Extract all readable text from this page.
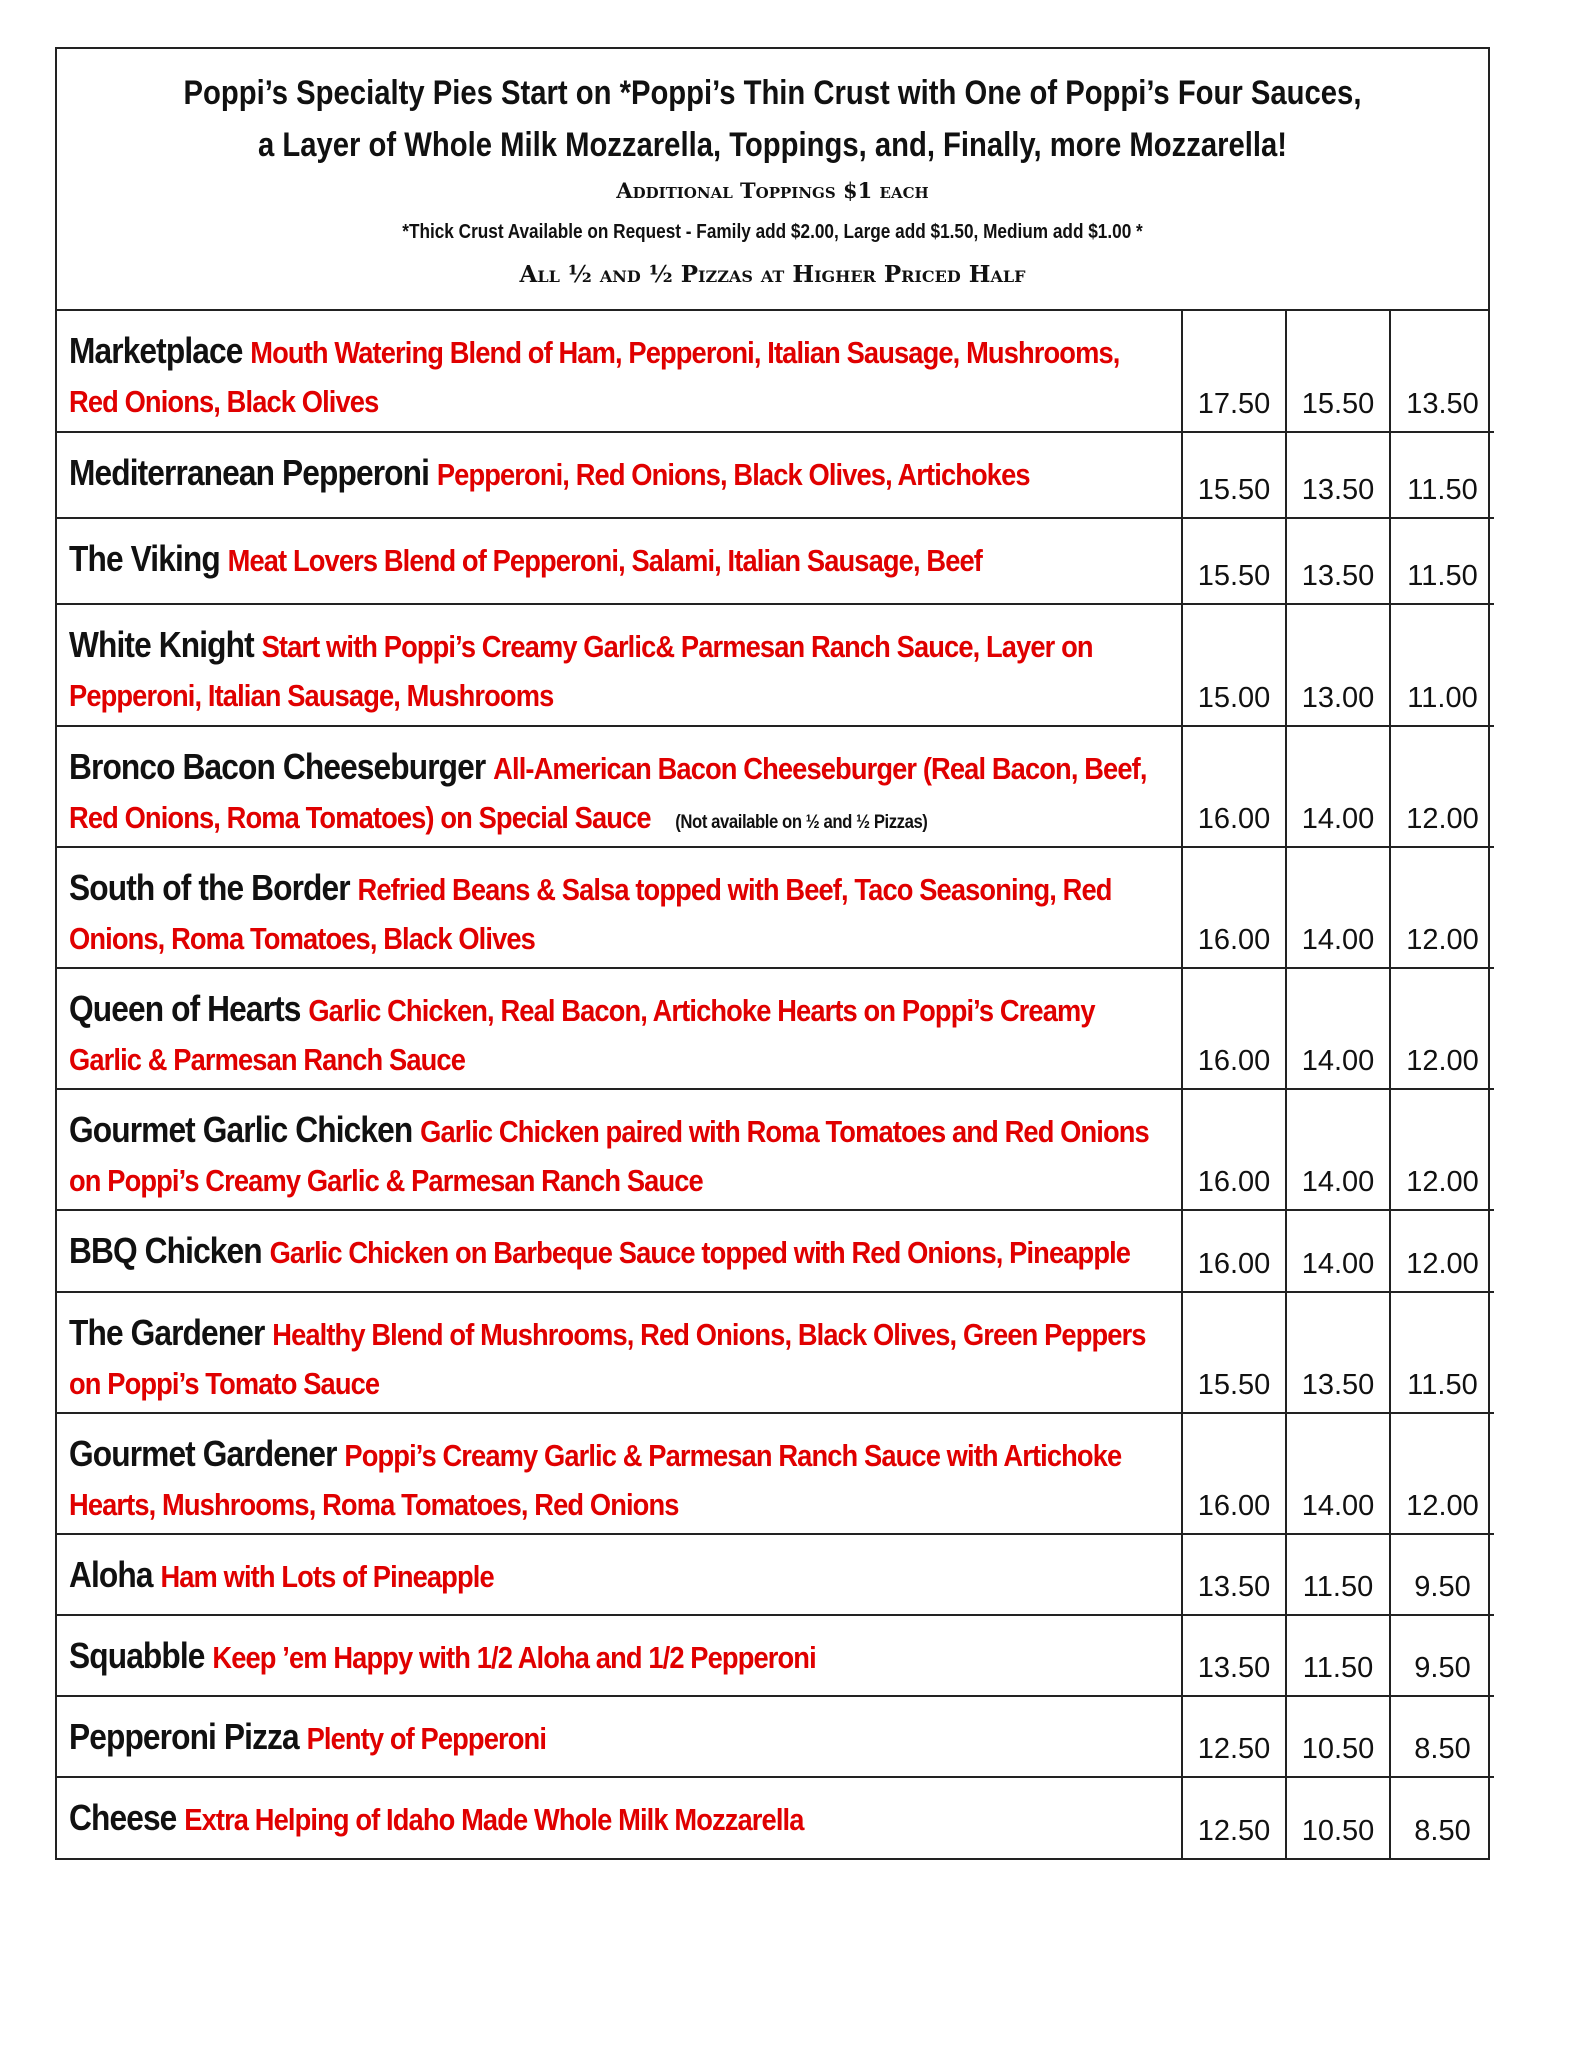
Poppi’s Specialty Pies Start on *Poppi’s Thin Crust with One of Poppi’s Four Sauces,
a Layer of Whole Milk Mozzarella, Toppings, and, Finally, more Mozzarella!
Additional Toppings $1 each
*Thick Crust Available on Request - Family add $2.00, Large add $1.50, Medium add $1.00 *
All ½ and ½ Pizzas at Higher Priced Half
Marketplace Mouth Watering Blend of Ham, Pepperoni, Italian Sausage, Mushrooms, Red Onions, Black Olives	17.50	15.50	13.50

Mediterranean Pepperoni Pepperoni, Red Onions, Black Olives, Artichokes	15.50	13.50	11.50

The Viking Meat Lovers Blend of Pepperoni, Salami, Italian Sausage, Beef	15.50	13.50	11.50

White Knight Start with Poppi’s Creamy Garlic& Parmesan Ranch Sauce, Layer on Pepperoni, Italian Sausage, Mushrooms	15.00	13.00	11.00

Bronco Bacon Cheeseburger All-American Bacon Cheeseburger (Real Bacon, Beef, Red Onions, Roma Tomatoes) on Special Sauce (Not available on ½ and ½ Pizzas)	16.00	14.00	12.00

South of the Border Refried Beans & Salsa topped with Beef, Taco Seasoning, Red Onions, Roma Tomatoes, Black Olives	16.00	14.00	12.00

Queen of Hearts Garlic Chicken, Real Bacon, Artichoke Hearts on Poppi’s Creamy Garlic & Parmesan Ranch Sauce	16.00	14.00	12.00

Gourmet Garlic Chicken Garlic Chicken paired with Roma Tomatoes and Red Onions on Poppi’s Creamy Garlic & Parmesan Ranch Sauce	16.00	14.00	12.00

BBQ Chicken Garlic Chicken on Barbeque Sauce topped with Red Onions, Pineapple	16.00	14.00	12.00

The Gardener Healthy Blend of Mushrooms, Red Onions, Black Olives, Green Peppers on Poppi’s Tomato Sauce	15.50	13.50	11.50

Gourmet Gardener Poppi’s Creamy Garlic & Parmesan Ranch Sauce with Artichoke Hearts, Mushrooms, Roma Tomatoes, Red Onions	16.00	14.00	12.00

Aloha Ham with Lots of Pineapple	13.50	11.50	9.50

Squabble Keep ’em Happy with 1/2 Aloha and 1/2 Pepperoni	13.50	11.50	9.50

Pepperoni Pizza Plenty of Pepperoni	12.50	10.50	8.50

Cheese Extra Helping of Idaho Made Whole Milk Mozzarella	12.50	10.50	8.50
